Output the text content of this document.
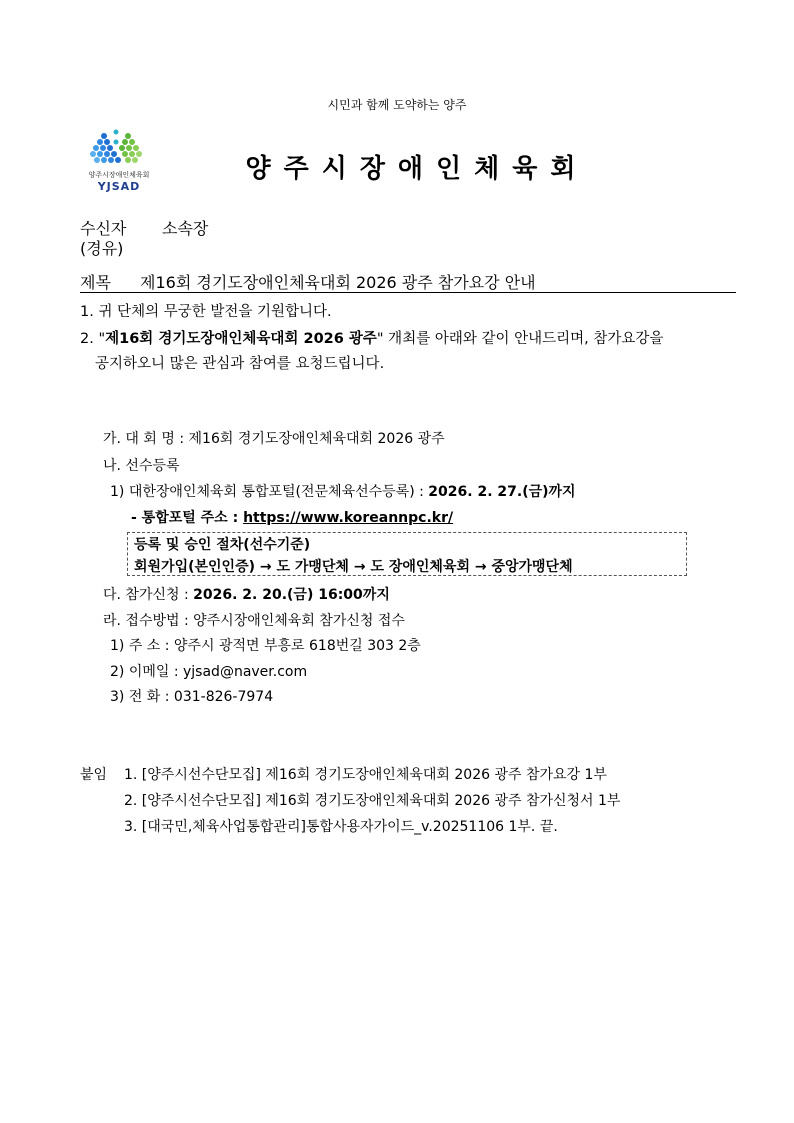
시민과 함께 도약하는 양주
양주시장애인체육회
YJSAD
양주시장애인체육회
수신자 소속장
(경유)
제목 제16회 경기도장애인체육대회 2026 광주 참가요강 안내
1. 귀 단체의 무궁한 발전을 기원합니다.
2. "제16회 경기도장애인체육대회 2026 광주" 개최를 아래와 같이 안내드리며, 참가요강을
공지하오니 많은 관심과 참여를 요청드립니다.
가. 대 회 명 : 제16회 경기도장애인체육대회 2026 광주
나. 선수등록
1) 대한장애인체육회 통합포털(전문체육선수등록) : 2026. 2. 27.(금)까지
- 통합포털 주소 : https://www.koreannpc.kr/
등록 및 승인 절차(선수기준)
회원가입(본인인증) → 도 가맹단체 → 도 장애인체육회 → 중앙가맹단체
다. 참가신청 : 2026. 2. 20.(금) 16:00까지
라. 접수방법 : 양주시장애인체육회 참가신청 접수
1) 주 소 : 양주시 광적면 부흥로 618번길 303 2층
2) 이메일 : yjsad@naver.com
3) 전 화 : 031-826-7974
붙임 1. [양주시선수단모집] 제16회 경기도장애인체육대회 2026 광주 참가요강 1부
2. [양주시선수단모집] 제16회 경기도장애인체육대회 2026 광주 참가신청서 1부
3. [대국민,체육사업통합관리]통합사용자가이드_v.20251106 1부. 끝.
